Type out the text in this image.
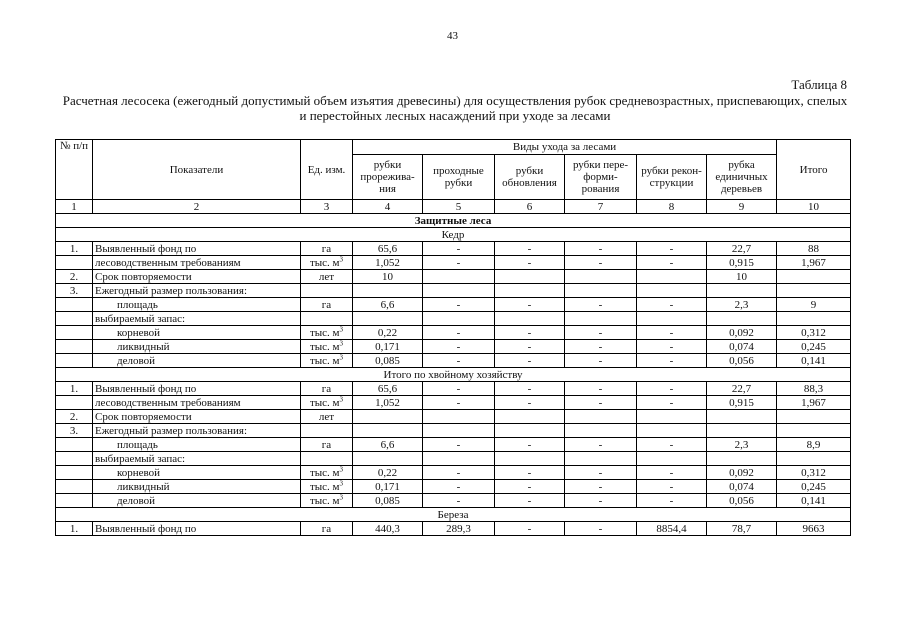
43
Таблица 8
Расчетная лесосека (ежегодный допустимый объем изъятия древесины) для осуществления рубок средневозрастных, приспевающих, спелых и перестойных лесных насаждений при уходе за лесами
№ п/п	Показатели	Ед. изм.	Виды ухода за лесами						Итого
			рубки прорежива-ния	проходные рубки	рубки обновления	рубки пере-форми-рования	рубки рекон-струкции	рубка единичных деревьев	
1	2	3	4	5	6	7	8	9	10
Защитные леса									
Кедр									
1.	Выявленный фонд по	га	65,6	-	-	-	-	22,7	88
	лесоводственным требованиям	тыс. $м^3$	1,052	-	-	-	-	0,915	1,967
2.	Срок повторяемости	лет	10					10	
3.	Ежегодный размер пользования:								
	площадь	га	6,6	-	-	-	-	2,3	9
	выбираемый запас:								
	корневой	тыс. $м^3$	0,22	-	-	-	-	0,092	0,312
	ликвидный	тыс. $м^3$	0,171	-	-	-	-	0,074	0,245
	деловой	тыс. $м^3$	0,085	-	-	-	-	0,056	0,141
Итого по хвойному хозяйству									
1.	Выявленный фонд по	га	65,6	-	-	-	-	22,7	88,3
	лесоводственным требованиям	тыс. $м^3$	1,052	-	-	-	-	0,915	1,967
2.	Срок повторяемости	лет							
3.	Ежегодный размер пользования:								
	площадь	га	6,6	-	-	-	-	2,3	8,9
	выбираемый запас:								
	корневой	тыс. $м^3$	0,22	-	-	-	-	0,092	0,312
	ликвидный	тыс. $м^3$	0,171	-	-	-	-	0,074	0,245
	деловой	тыс. $м^3$	0,085	-	-	-	-	0,056	0,141
Береза									
1.	Выявленный фонд по	га	440,3	289,3	-	-	8854,4	78,7	9663
